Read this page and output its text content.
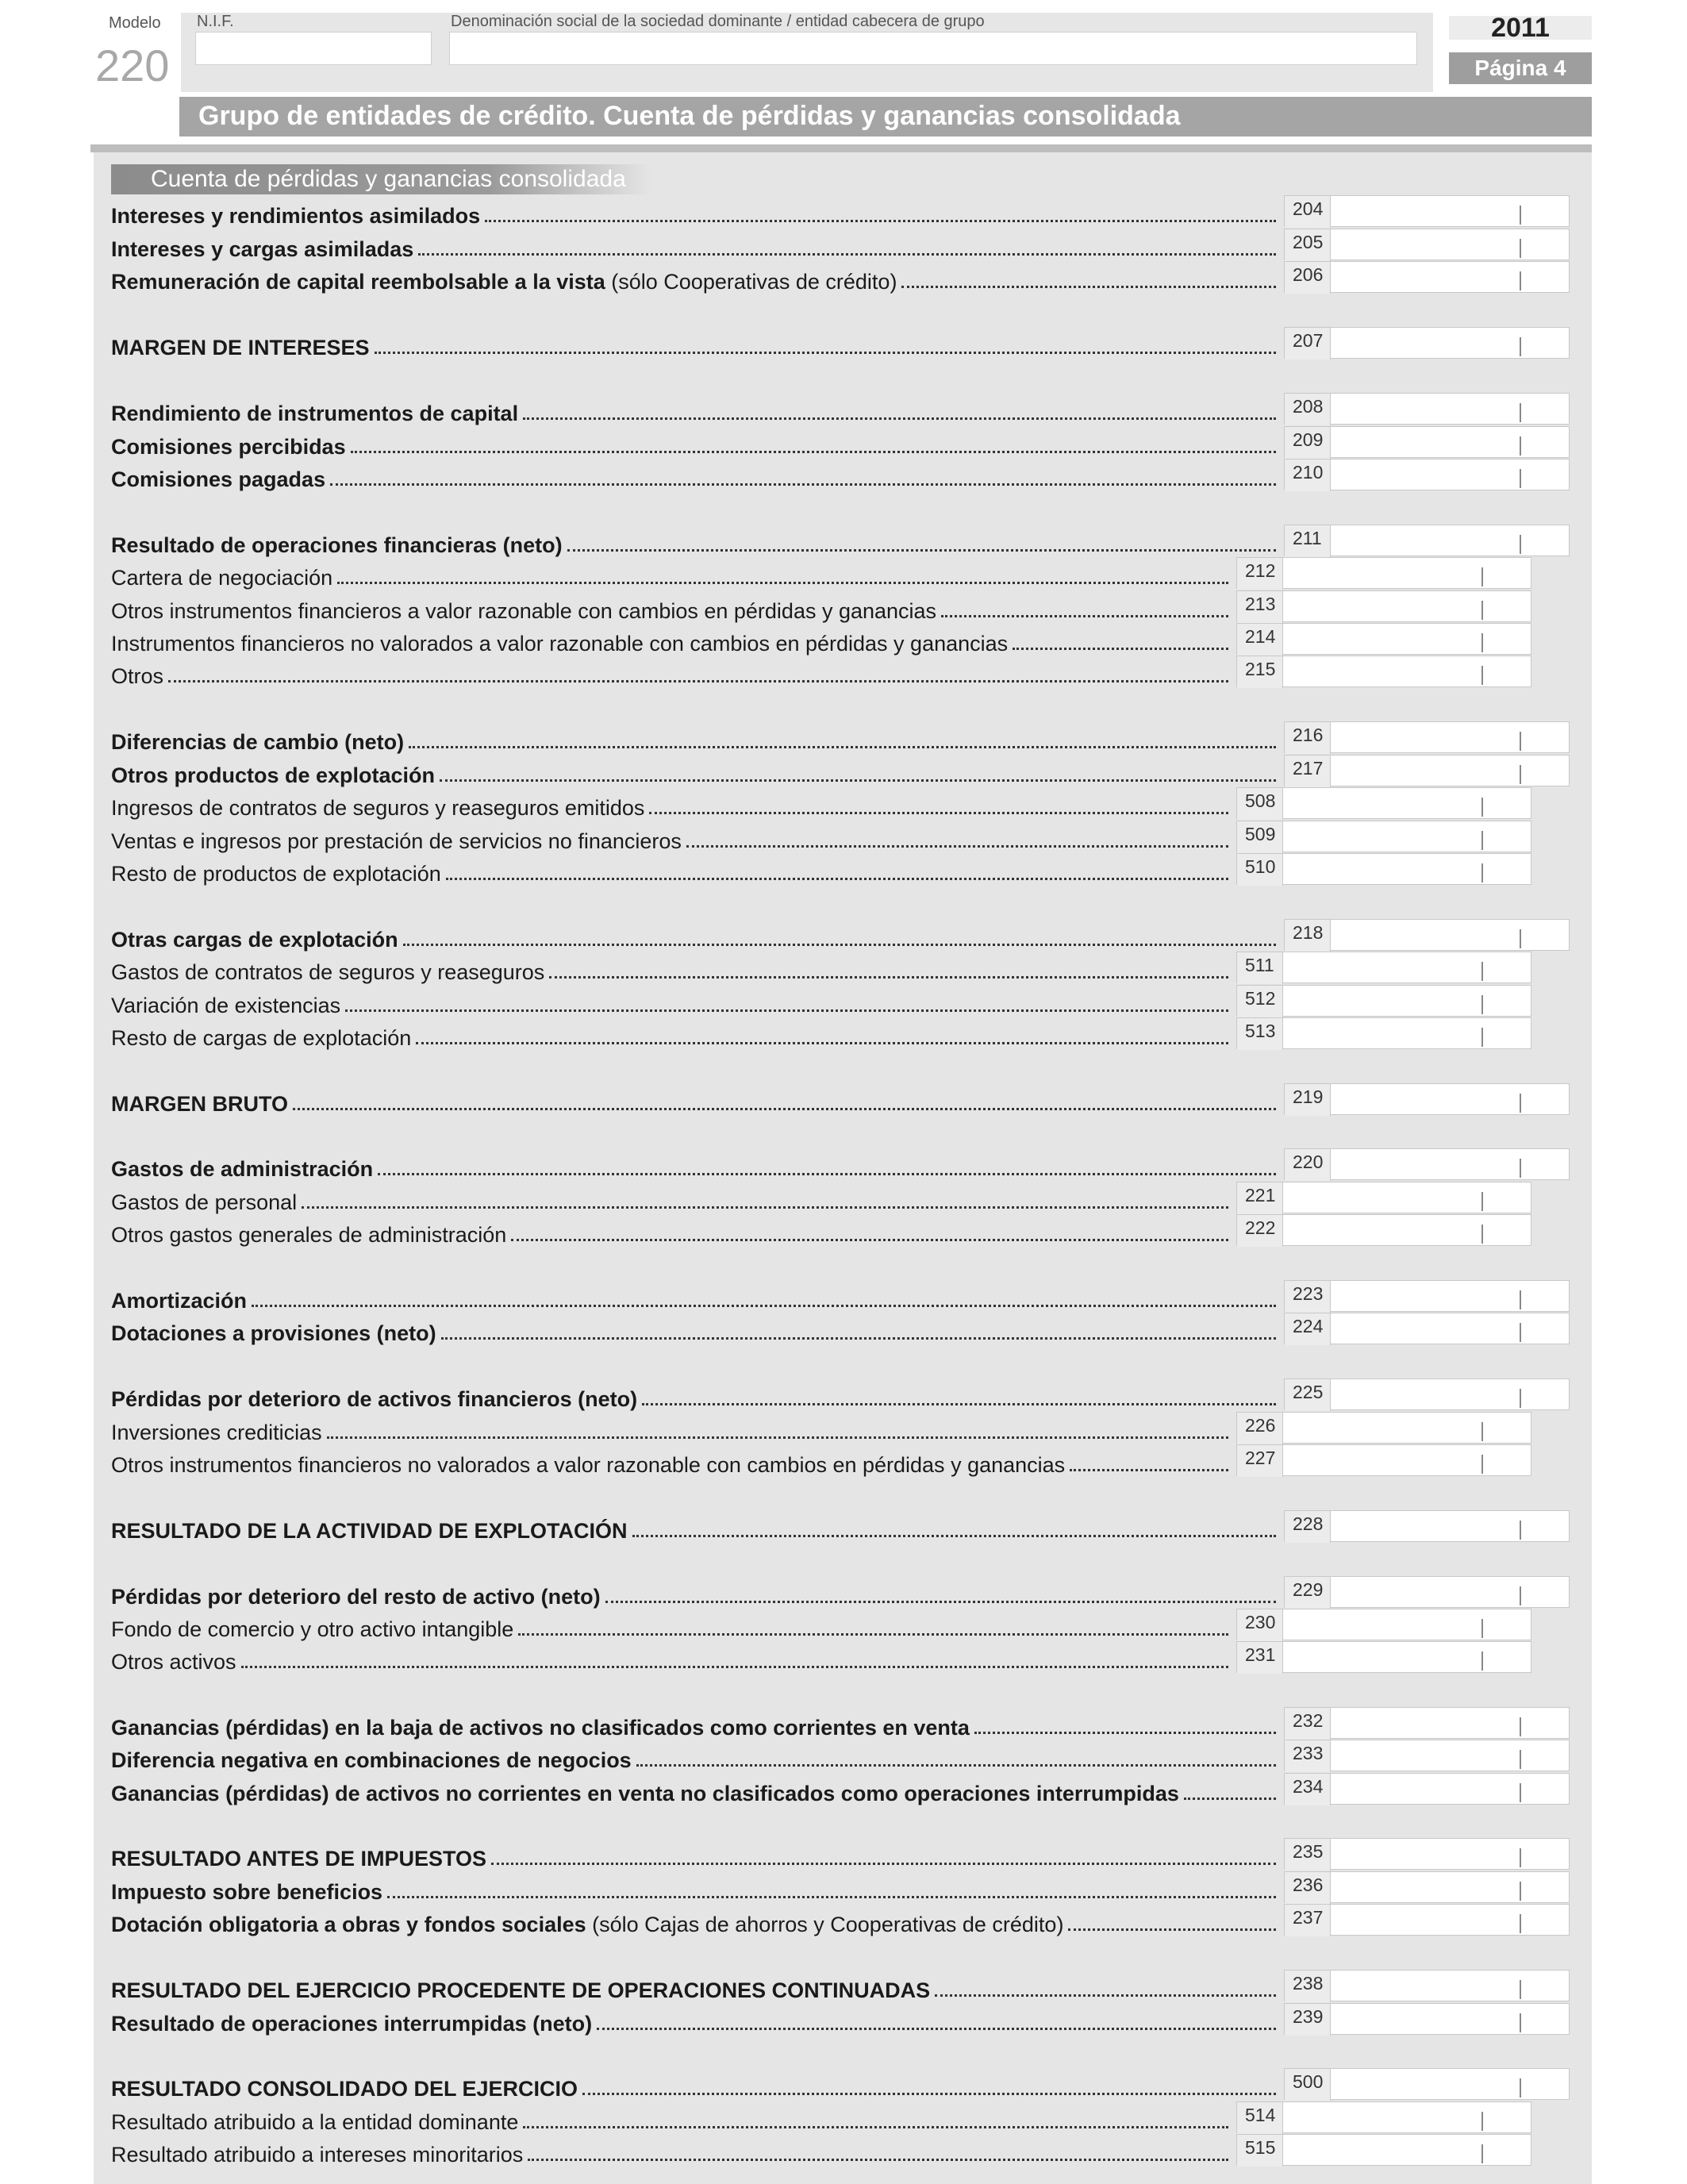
Modelo
220
N.I.F.	Denominación social de la sociedad dominante / entidad cabecera de grupo	2011
Página 4
Grupo de entidades de crédito. Cuenta de pérdidas y ganancias consolidada
Cuenta de pérdidas y ganancias consolidada
Intereses y rendimientos asimilados	204
Intereses y cargas asimiladas	205
Remuneración de capital reembolsable a la vista (sólo Cooperativas de crédito)	206
MARGEN DE INTERESES	207
Rendimiento de instrumentos de capital	208
Comisiones percibidas	209
Comisiones pagadas	210
Resultado de operaciones financieras (neto)	211
Cartera de negociación	212
Otros instrumentos financieros a valor razonable con cambios en pérdidas y ganancias	213
Instrumentos financieros no valorados a valor razonable con cambios en pérdidas y ganancias	214
Otros	215
Diferencias de cambio (neto)	216
Otros productos de explotación	217
Ingresos de contratos de seguros y reaseguros emitidos	508
Ventas e ingresos por prestación de servicios no financieros	509
Resto de productos de explotación	510
Otras cargas de explotación	218
Gastos de contratos de seguros y reaseguros	511
Variación de existencias	512
Resto de cargas de explotación	513
MARGEN BRUTO	219
Gastos de administración	220
Gastos de personal	221
Otros gastos generales de administración	222
Amortización	223
Dotaciones a provisiones (neto)	224
Pérdidas por deterioro de activos financieros (neto)	225
Inversiones crediticias	226
Otros instrumentos financieros no valorados a valor razonable con cambios en pérdidas y ganancias	227
RESULTADO DE LA ACTIVIDAD DE EXPLOTACIÓN	228
Pérdidas por deterioro del resto de activo (neto)	229
Fondo de comercio y otro activo intangible	230
Otros activos	231
Ganancias (pérdidas) en la baja de activos no clasificados como corrientes en venta	232
Diferencia negativa en combinaciones de negocios	233
Ganancias (pérdidas) de activos no corrientes en venta no clasificados como operaciones interrumpidas	234
RESULTADO ANTES DE IMPUESTOS	235
Impuesto sobre beneficios	236
Dotación obligatoria a obras y fondos sociales (sólo Cajas de ahorros y Cooperativas de crédito)	237
RESULTADO DEL EJERCICIO PROCEDENTE DE OPERACIONES CONTINUADAS	238
Resultado de operaciones interrumpidas (neto)	239
RESULTADO CONSOLIDADO DEL EJERCICIO	500
Resultado atribuido a la entidad dominante	514
Resultado atribuido a intereses minoritarios	515
